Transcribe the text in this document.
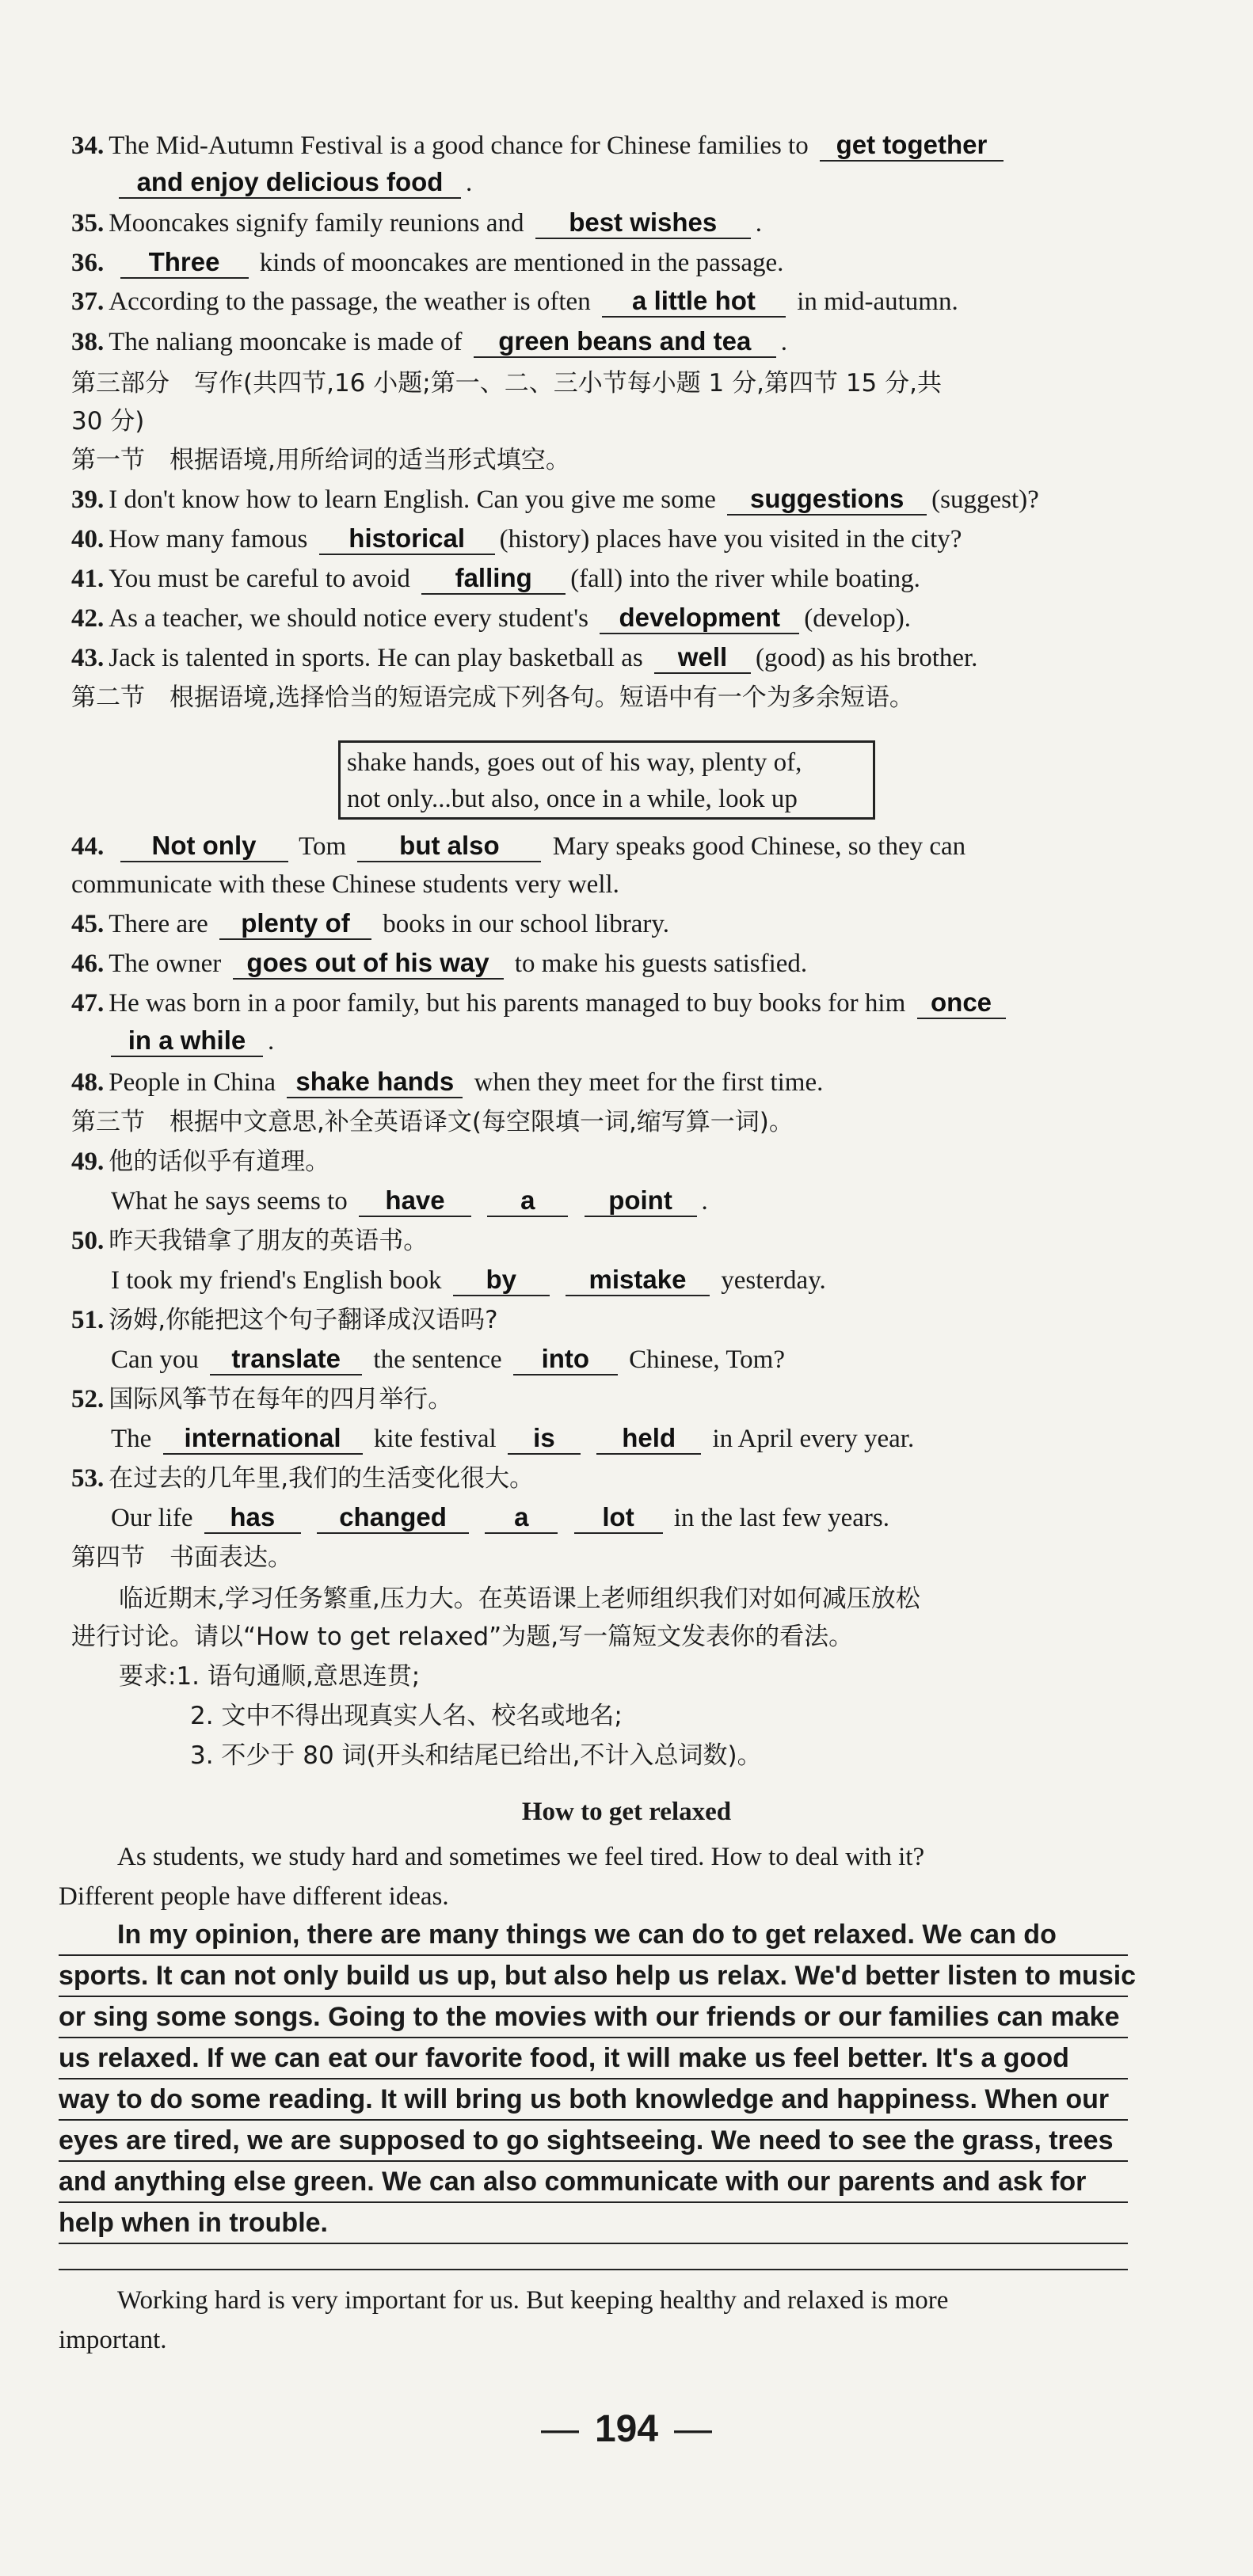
34. The Mid-Autumn Festival is a good chance for Chinese families to get together
and enjoy delicious food .
35. Mooncakes signify family reunions and best wishes .
36. Three kinds of mooncakes are mentioned in the passage.
37. According to the passage, the weather is often a little hot in mid-autumn.
38. The naliang mooncake is made of green beans and tea .
第三部分　写作(共四节,16 小题;第一、二、三小节每小题 1 分,第四节 15 分,共
30 分)
第一节　根据语境,用所给词的适当形式填空。
39. I don't know how to learn English. Can you give me some suggestions (suggest)?
40. How many famous historical (history) places have you visited in the city?
41. You must be careful to avoid falling (fall) into the river while boating.
42. As a teacher, we should notice every student's development (develop).
43. Jack is talented in sports. He can play basketball as well (good) as his brother.
第二节　根据语境,选择恰当的短语完成下列各句。短语中有一个为多余短语。
shake hands, goes out of his way, plenty of,
not only...but also, once in a while, look up
44. Not only Tom but also Mary speaks good Chinese, so they can
communicate with these Chinese students very well.
45. There are plenty of books in our school library.
46. The owner goes out of his way to make his guests satisfied.
47. He was born in a poor family, but his parents managed to buy books for him once
in a while .
48. People in China shake hands when they meet for the first time.
第三节　根据中文意思,补全英语译文(每空限填一词,缩写算一词)。
49. 他的话似乎有道理。
What he says seems to have	a	point .
50. 昨天我错拿了朋友的英语书。
I took my friend's English book by	mistake yesterday.
51. 汤姆,你能把这个句子翻译成汉语吗?
Can you translate the sentence into Chinese, Tom?
52. 国际风筝节在每年的四月举行。
The international kite festival is	held in April every year.
53. 在过去的几年里,我们的生活变化很大。
Our life has changed	a	lot in the last few years.
第四节　书面表达。
临近期末,学习任务繁重,压力大。在英语课上老师组织我们对如何减压放松
进行讨论。请以“How to get relaxed”为题,写一篇短文发表你的看法。
要求:1. 语句通顺,意思连贯;
2. 文中不得出现真实人名、校名或地名;
3. 不少于 80 词(开头和结尾已给出,不计入总词数)。
How to get relaxed

As students, we study hard and sometimes we feel tired. How to deal with it?

Different people have different ideas.
In my opinion, there are many things we can do to get relaxed. We can do
sports. It can not only build us up, but also help us relax. We'd better listen to music
or sing some songs. Going to the movies with our friends or our families can make
us relaxed. If we can eat our favorite food, it will make us feel better. It's a good
way to do some reading. It will bring us both knowledge and happiness. When our
eyes are tired, we are supposed to go sightseeing. We need to see the grass, trees
and anything else green. We can also communicate with our parents and ask for
help when in trouble.

Working hard is very important for us. But keeping healthy and relaxed is more

important.
— 194 —
